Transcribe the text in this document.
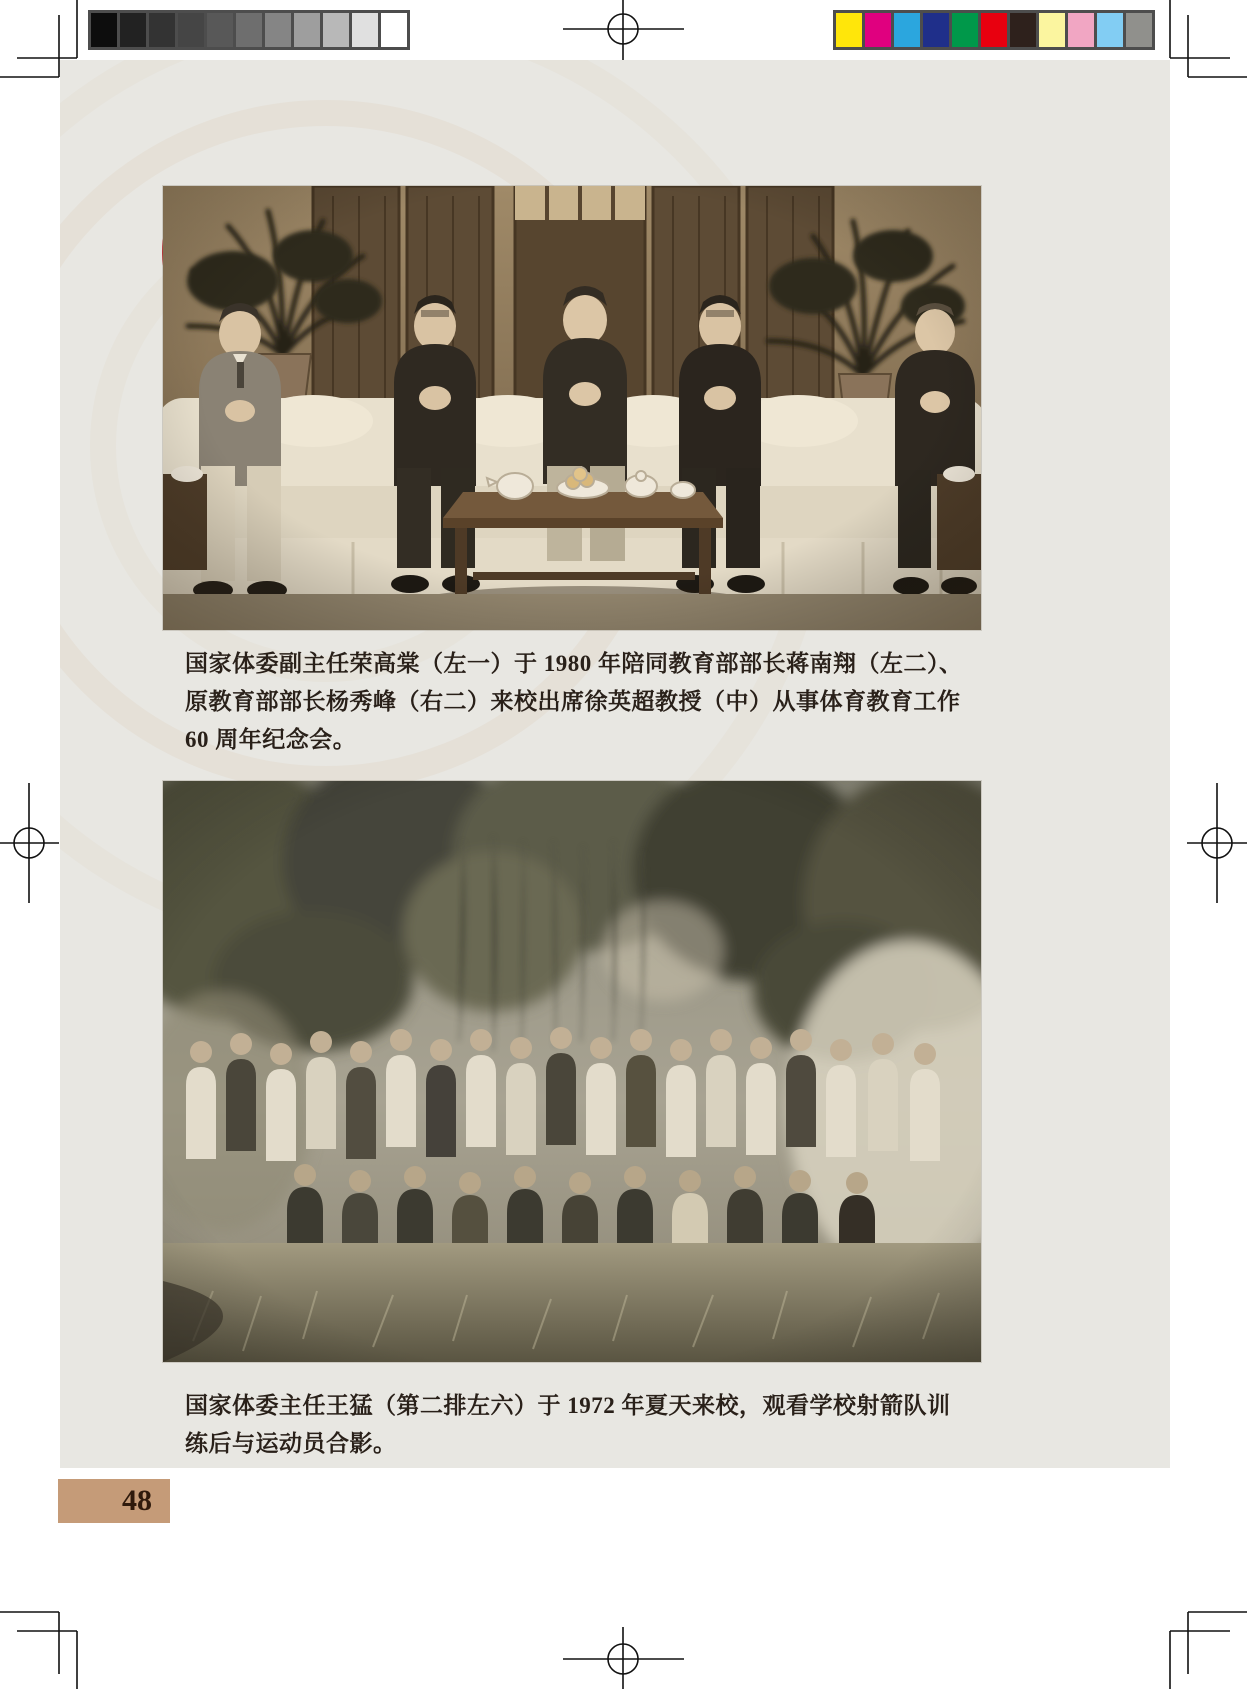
国家体委副主任荣高棠（左一）于 1980 年陪同教育部部长蒋南翔（左二）、
原教育部部长杨秀峰（右二）来校出席徐英超教授（中）从事体育教育工作
60 周年纪念会。
国家体委主任王猛（第二排左六）于 1972 年夏天来校，观看学校射箭队训
练后与运动员合影。
48
